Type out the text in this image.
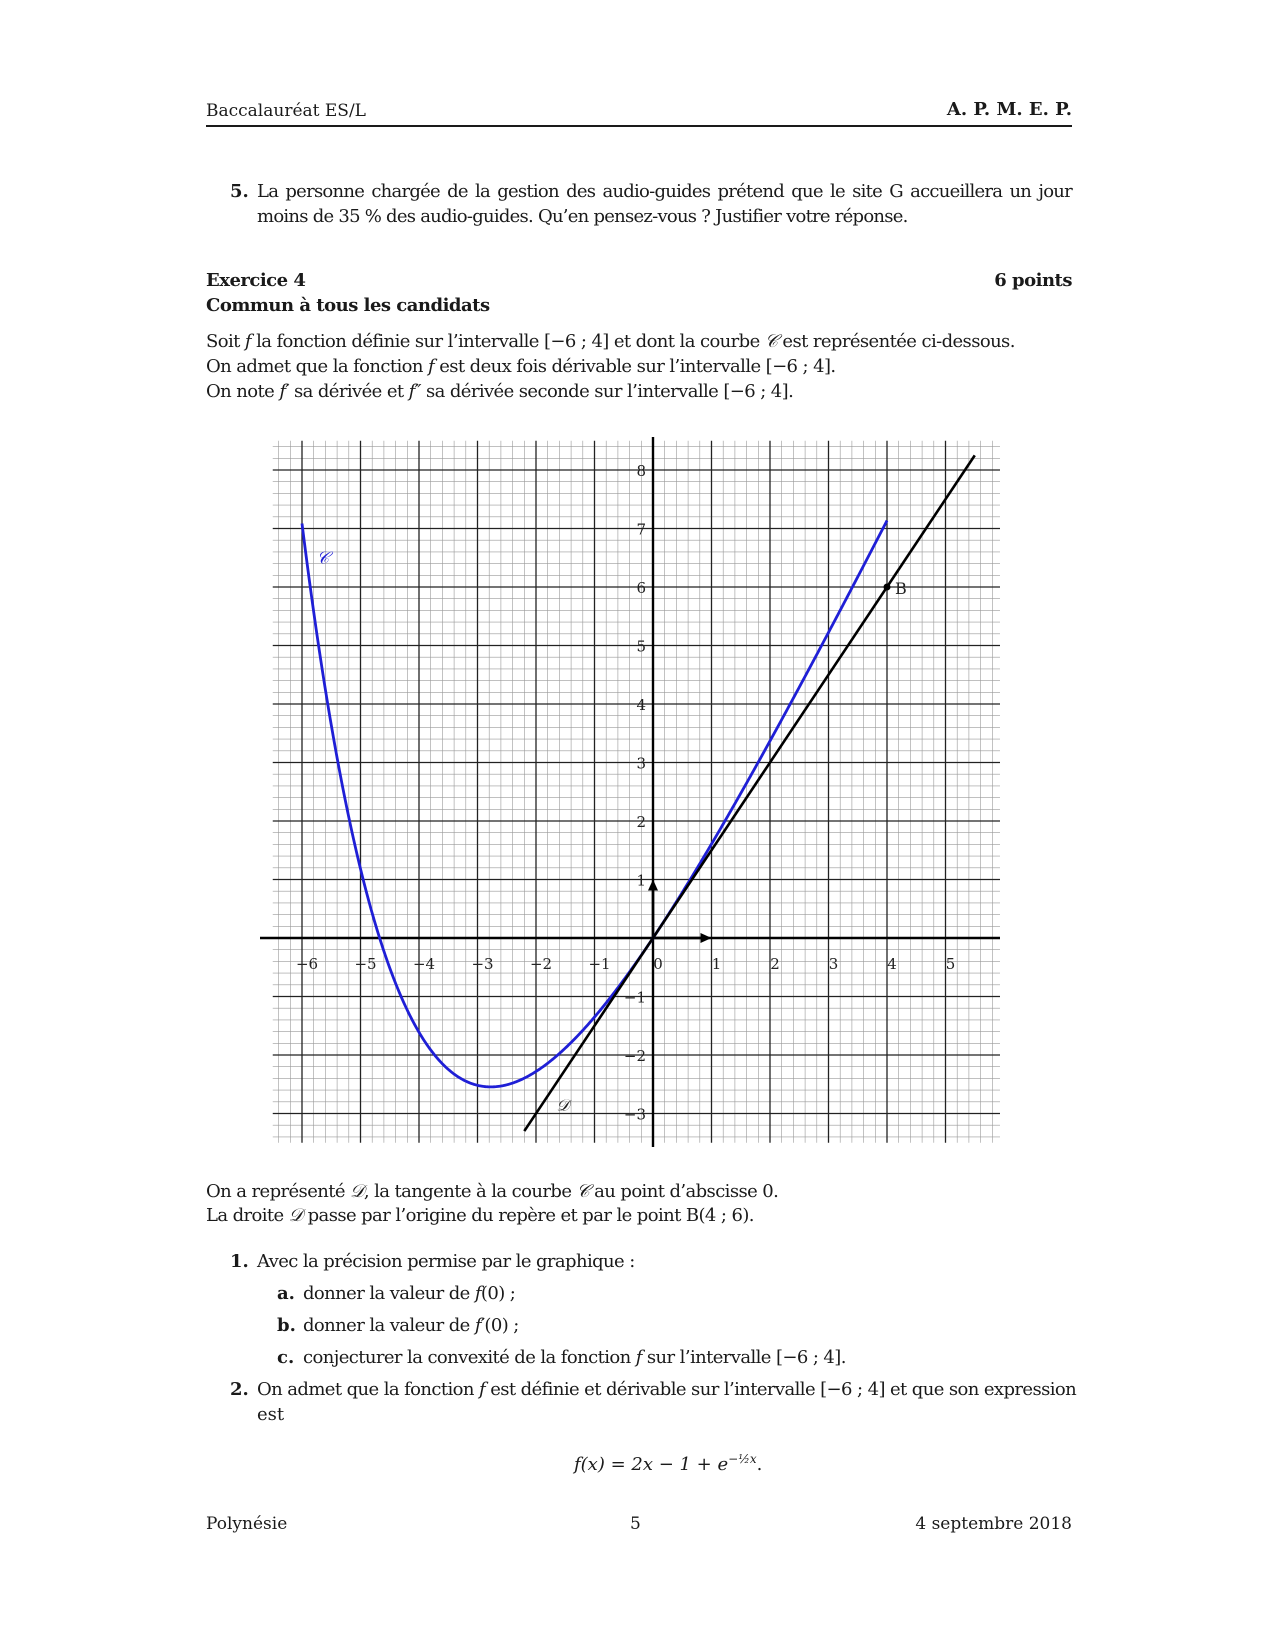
Baccalauréat ES/L	A. P. M. E. P.
5. La personne chargée de la gestion des audio-guides prétend que le site G accueillera un jour
moins de 35 % des audio-guides. Qu’en pensez-vous ? Justifier votre réponse.
Exercice 4	6 points
Commun à tous les candidats
Soit f la fonction définie sur l’intervalle [−6 ; 4] et dont la courbe 𝒞 est représentée ci-dessous.
On admet que la fonction f est deux fois dérivable sur l’intervalle [−6 ; 4].
On note f′ sa dérivée et f″ sa dérivée seconde sur l’intervalle [−6 ; 4].
−6 −5 −4 −3 −2 −1	0	1	2	3	4	5
−3
−2
−1
1
2
3
4
5
6
7
8
B
𝒞
𝒟
On a représenté 𝒟, la tangente à la courbe 𝒞 au point d’abscisse 0.
La droite 𝒟 passe par l’origine du repère et par le point B(4 ; 6).
1. Avec la précision permise par le graphique :
a. donner la valeur de f(0) ;
b. donner la valeur de f′(0) ;
c. conjecturer la convexité de la fonction f sur l’intervalle [−6 ; 4].
2. On admet que la fonction f est définie et dérivable sur l’intervalle [−6 ; 4] et que son expression
est
$f(x) = 2x - 1 + e^{-\frac{1}{2}x}$.
Polynésie	5	4 septembre 2018
